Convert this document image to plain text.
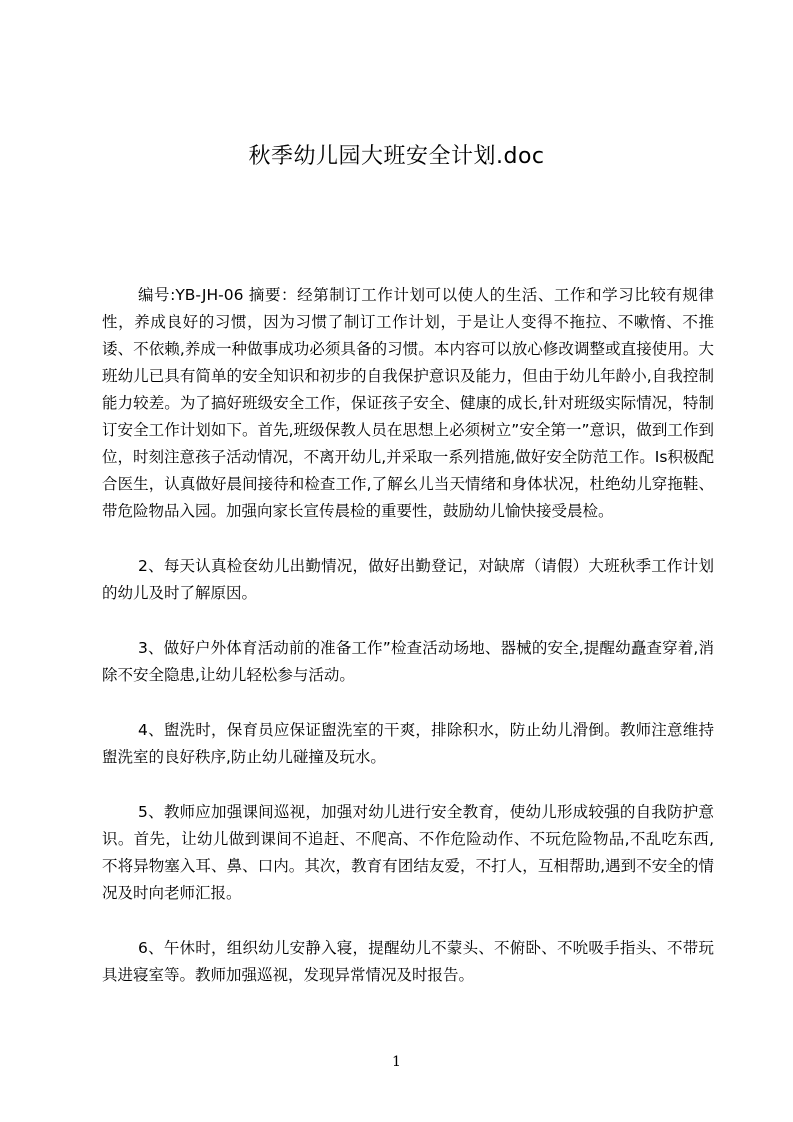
秋季幼儿园大班安全计划.doc

编号:YB-JH-06 摘要：经第制订工作计划可以使人的生活、工作和学习比较有规律性，养成良好的习惯，因为习惯了制订工作计划，于是让人变得不拖拉、不嗽惰、不推诿、不依赖,养成一种做事成功必须具备的习惯。本内容可以放心修改调整或直接使用。大班幼儿已具有简单的安全知识和初步的自我保护意识及能力，但由于幼儿年龄小,自我控制能力较差。为了搞好班级安全工作，保证孩子安全、健康的成长,针对班级实际情况，特制订安全工作计划如下。首先,班级保教人员在思想上必须树立”安全第一”意识，做到工作到位，时刻注意孩子活动情况，不离开幼儿,并采取一系列措施,做好安全防范工作。Is积极配合医生，认真做好晨间接待和检查工作,了解幺儿当天情绪和身体状况，杜绝幼儿穿拖鞋、带危险物品入园。加强向家长宣传晨检的重要性，鼓励幼儿愉快接受晨检。

2、每天认真检奁幼儿出勤情况，做好出勤登记，对缺席（请假）大班秋季工作计划的幼儿及时了解原因。

3、做好户外体育活动前的准备工作”检查活动场地、器械的安全,提醒幼矗查穿着,消除不安全隐患,让幼儿轻松参与活动。

4、盥洗时，保育员应保证盥洗室的干爽，排除积水，防止幼儿滑倒。教师注意维持盥洗室的良好秩序,防止幼儿碰撞及玩水。

5、教师应加强课间巡视，加强对幼儿进行安全教育，使幼儿形成较强的自我防护意识。首先，让幼儿做到课间不追赶、不爬高、不作危险动作、不玩危险物品,不乱吃东西,不将异物塞入耳、鼻、口内。其次，教育有团结友爱，不打人，互相帮助,遇到不安全的情况及时向老师汇报。

6、午休时，组织幼儿安静入寝，提醒幼儿不蒙头、不俯卧、不吮吸手指头、不带玩具进寝室等。教师加强巡视，发现异常情况及时报告。

1
